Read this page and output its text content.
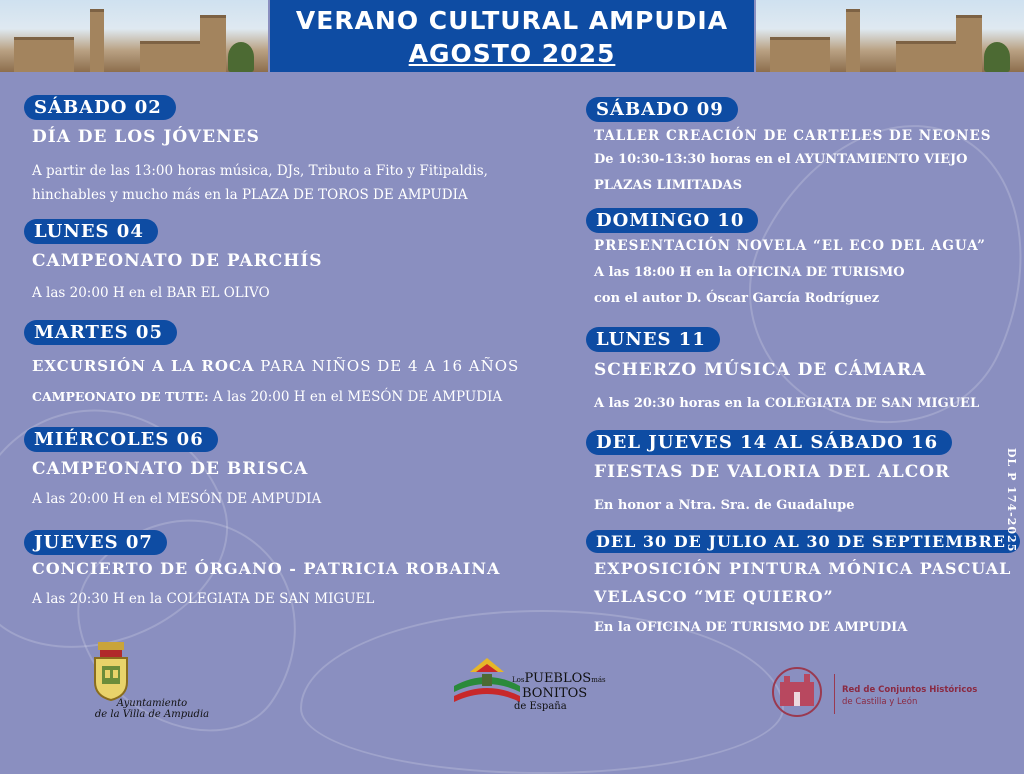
VERANO CULTURAL AMPUDIA
AGOSTO 2025
SÁBADO 02
DÍA DE LOS JÓVENES
A partir de las 13:00 horas música, DJs, Tributo a Fito y Fitipaldis,
hinchables y mucho más en la PLAZA DE TOROS DE AMPUDIA
LUNES 04
CAMPEONATO DE PARCHÍS
A las 20:00 H en el BAR EL OLIVO
MARTES 05
EXCURSIÓN A LA ROCA PARA NIÑOS DE 4 A 16 AÑOS
CAMPEONATO DE TUTE: A las 20:00 H en el MESÓN DE AMPUDIA
MIÉRCOLES 06
CAMPEONATO DE BRISCA
A las 20:00 H en el MESÓN DE AMPUDIA
JUEVES 07
CONCIERTO DE ÓRGANO - PATRICIA ROBAINA
A las 20:30 H en la COLEGIATA DE SAN MIGUEL
SÁBADO 09
TALLER CREACIÓN DE CARTELES DE NEONES
De 10:30-13:30 horas en el AYUNTAMIENTO VIEJO
PLAZAS LIMITADAS
DOMINGO 10
PRESENTACIÓN NOVELA “EL ECO DEL AGUA”
A las 18:00 H en la OFICINA DE TURISMO
con el autor D. Óscar García Rodríguez
LUNES 11
SCHERZO MÚSICA DE CÁMARA
A las 20:30 horas en la COLEGIATA DE SAN MIGUEL
DEL JUEVES 14 AL SÁBADO 16
FIESTAS DE VALORIA DEL ALCOR
En honor a Ntra. Sra. de Guadalupe
DEL 30 DE JULIO AL 30 DE SEPTIEMBRE
EXPOSICIÓN PINTURA MÓNICA PASCUAL
VELASCO “ME QUIERO”
En la OFICINA DE TURISMO DE AMPUDIA
DL P 174-2025
Ayuntamiento
de la Villa de Ampudia
LosPUEBLOSmás
BONITOS
de España
Red de Conjuntos Históricos
de Castilla y León
